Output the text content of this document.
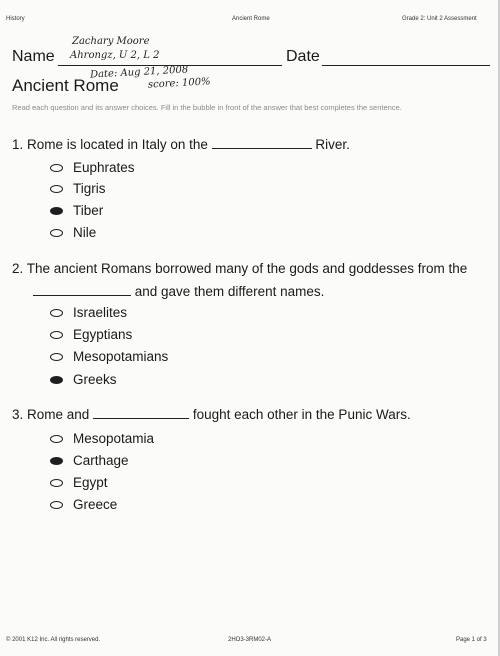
History	Ancient Rome	Grade 2: Unit 2 Assessment
Name	Date
Zachary Moore
Ahrongz, U 2, L 2
Date: Aug 21, 2008
score: 100%
Ancient Rome
Read each question and its answer choices. Fill in the bubble in front of the answer that best completes the sentence.
1. Rome is located in Italy on the	River.
Euphrates
Tigris
Tiber
Nile
2. The ancient Romans borrowed many of the gods and goddesses from the
and gave them different names.
Israelites
Egyptians
Mesopotamians
Greeks
3. Rome and	fought each other in the Punic Wars.
Mesopotamia
Carthage
Egypt
Greece
© 2001 K12 Inc. All rights reserved.	2HO3-3RM02-A	Page 1 of 3
